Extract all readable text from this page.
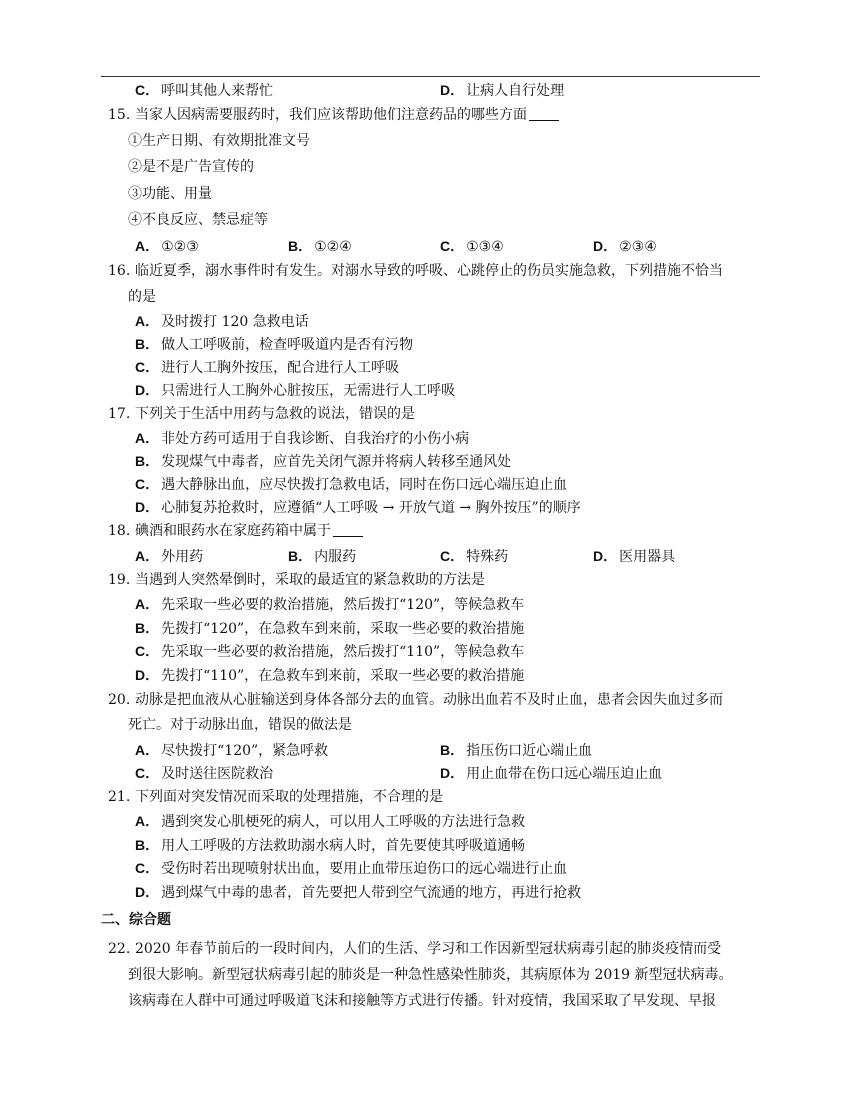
C． 呼叫其他人来帮忙	D． 让病人自行处理
15. 当家人因病需要服药时，我们应该帮助他们注意药品的哪些方面
①生产日期、有效期批准文号
②是不是广告宣传的
③功能、用量
④不良反应、禁忌症等
A． ①②③	B． ①②④	C． ①③④	D． ②③④
16. 临近夏季，溺水事件时有发生。对溺水导致的呼吸、心跳停止的伤员实施急救，下列措施不恰当
的是
A． 及时拨打 120 急救电话
B． 做人工呼吸前，检查呼吸道内是否有污物
C． 进行人工胸外按压，配合进行人工呼吸
D． 只需进行人工胸外心脏按压，无需进行人工呼吸
17. 下列关于生活中用药与急救的说法，错误的是
A． 非处方药可适用于自我诊断、自我治疗的小伤小病
B． 发现煤气中毒者，应首先关闭气源并将病人转移至通风处
C． 遇大静脉出血，应尽快拨打急救电话，同时在伤口远心端压迫止血
D． 心肺复苏抢救时，应遵循“人工呼吸 → 开放气道 → 胸外按压”的顺序
18. 碘酒和眼药水在家庭药箱中属于
A． 外用药	B． 内服药	C． 特殊药	D． 医用器具
19. 当遇到人突然晕倒时，采取的最适宜的紧急救助的方法是
A． 先采取一些必要的救治措施，然后拨打“120”，等候急救车
B． 先拨打“120”，在急救车到来前，采取一些必要的救治措施
C． 先采取一些必要的救治措施，然后拨打“110”，等候急救车
D． 先拨打“110”，在急救车到来前，采取一些必要的救治措施
20. 动脉是把血液从心脏输送到身体各部分去的血管。动脉出血若不及时止血，患者会因失血过多而
死亡。对于动脉出血，错误的做法是
A． 尽快拨打“120”，紧急呼救	B． 指压伤口近心端止血
C． 及时送往医院救治	D． 用止血带在伤口远心端压迫止血
21. 下列面对突发情况而采取的处理措施，不合理的是
A． 遇到突发心肌梗死的病人，可以用人工呼吸的方法进行急救
B． 用人工呼吸的方法救助溺水病人时，首先要使其呼吸道通畅
C． 受伤时若出现喷射状出血，要用止血带压迫伤口的远心端进行止血
D． 遇到煤气中毒的患者，首先要把人带到空气流通的地方，再进行抢救
二、综合题
22. 2020 年春节前后的一段时间内，人们的生活、学习和工作因新型冠状病毒引起的肺炎疫情而受
到很大影响。新型冠状病毒引起的肺炎是一种急性感染性肺炎，其病原体为 2019 新型冠状病毒。
该病毒在人群中可通过呼吸道飞沫和接触等方式进行传播。针对疫情，我国采取了早发现、早报
